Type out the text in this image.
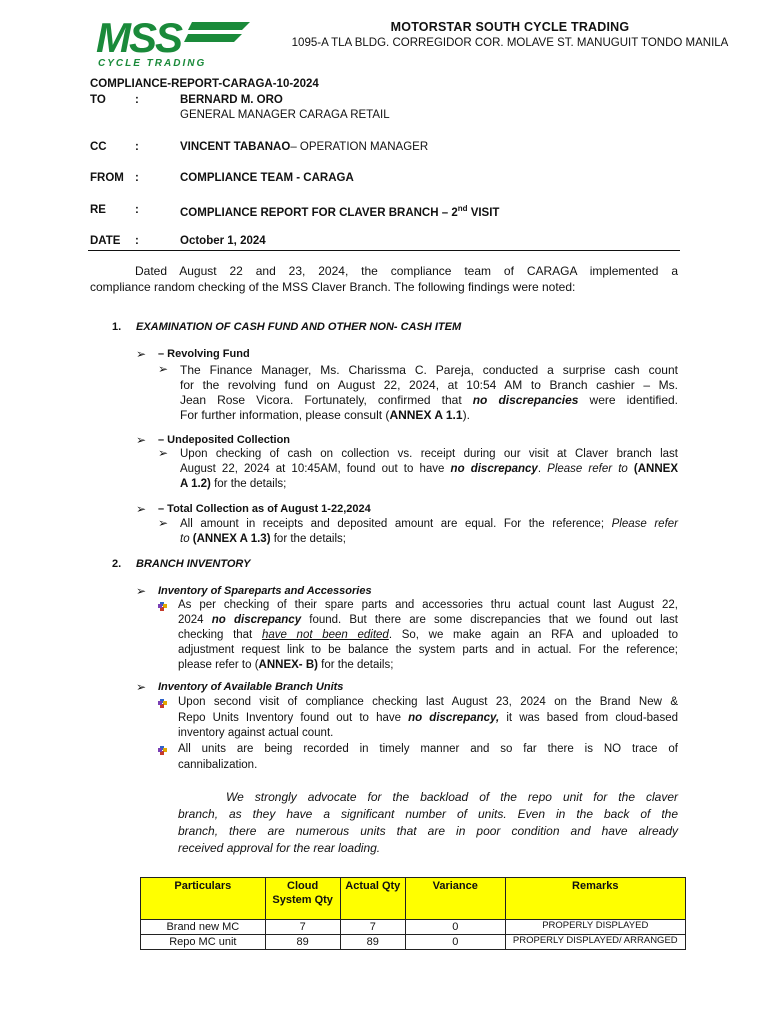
MSS
CYCLE TRADING
MOTORSTAR SOUTH CYCLE TRADING
1095-A TLA BLDG. CORREGIDOR COR. MOLAVE ST. MANUGUIT TONDO MANILA
COMPLIANCE-REPORT-CARAGA-10-2024
TO	:	BERNARD M. ORO
GENERAL MANAGER CARAGA RETAIL
CC :	VINCENT TABANAO– OPERATION MANAGER
FROM :	COMPLIANCE TEAM - CARAGA
RE	:	COMPLIANCE REPORT FOR CLAVER BRANCH – 2nd VISIT
DATE :	October 1, 2024
Dated August 22 and 23, 2024, the compliance team of CARAGA implemented a
compliance random checking of the MSS Claver Branch. The following findings were noted:
1. EXAMINATION OF CASH FUND AND OTHER NON- CASH ITEM
➢ – Revolving Fund
➢ The Finance Manager, Ms. Charissma C. Pareja, conducted a surprise cash count
for the revolving fund on August 22, 2024, at 10:54 AM to Branch cashier – Ms.
Jean Rose Vicora. Fortunately, confirmed that no discrepancies were identified.
For further information, please consult (ANNEX A 1.1).
➢ – Undeposited Collection
➢ Upon checking of cash on collection vs. receipt during our visit at Claver branch last
August 22, 2024 at 10:45AM, found out to have no discrepancy. Please refer to (ANNEX
A 1.2) for the details;
➢ – Total Collection as of August 1-22,2024
➢ All amount in receipts and deposited amount are equal. For the reference; Please refer
to (ANNEX A 1.3) for the details;
2. BRANCH INVENTORY
➢ Inventory of Spareparts and Accessories
As per checking of their spare parts and accessories thru actual count last August 22,
2024 no discrepancy found. But there are some discrepancies that we found out last
checking that have not been edited. So, we make again an RFA and uploaded to
adjustment request link to be balance the system parts and in actual. For the reference;
please refer to (ANNEX- B) for the details;
➢ Inventory of Available Branch Units
Upon second visit of compliance checking last August 23, 2024 on the Brand New &
Repo Units Inventory found out to have no discrepancy, it was based from cloud-based
inventory against actual count.
All units are being recorded in timely manner and so far there is NO trace of
cannibalization.
We strongly advocate for the backload of the repo unit for the claver
branch, as they have a significant number of units. Even in the back of the
branch, there are numerous units that are in poor condition and have already
received approval for the rear loading.
Particulars	Cloud System Qty	Actual Qty	Variance	Remarks
Brand new MC	7	7	0	PROPERLY DISPLAYED
Repo MC unit	89	89	0	PROPERLY DISPLAYED/ ARRANGED
